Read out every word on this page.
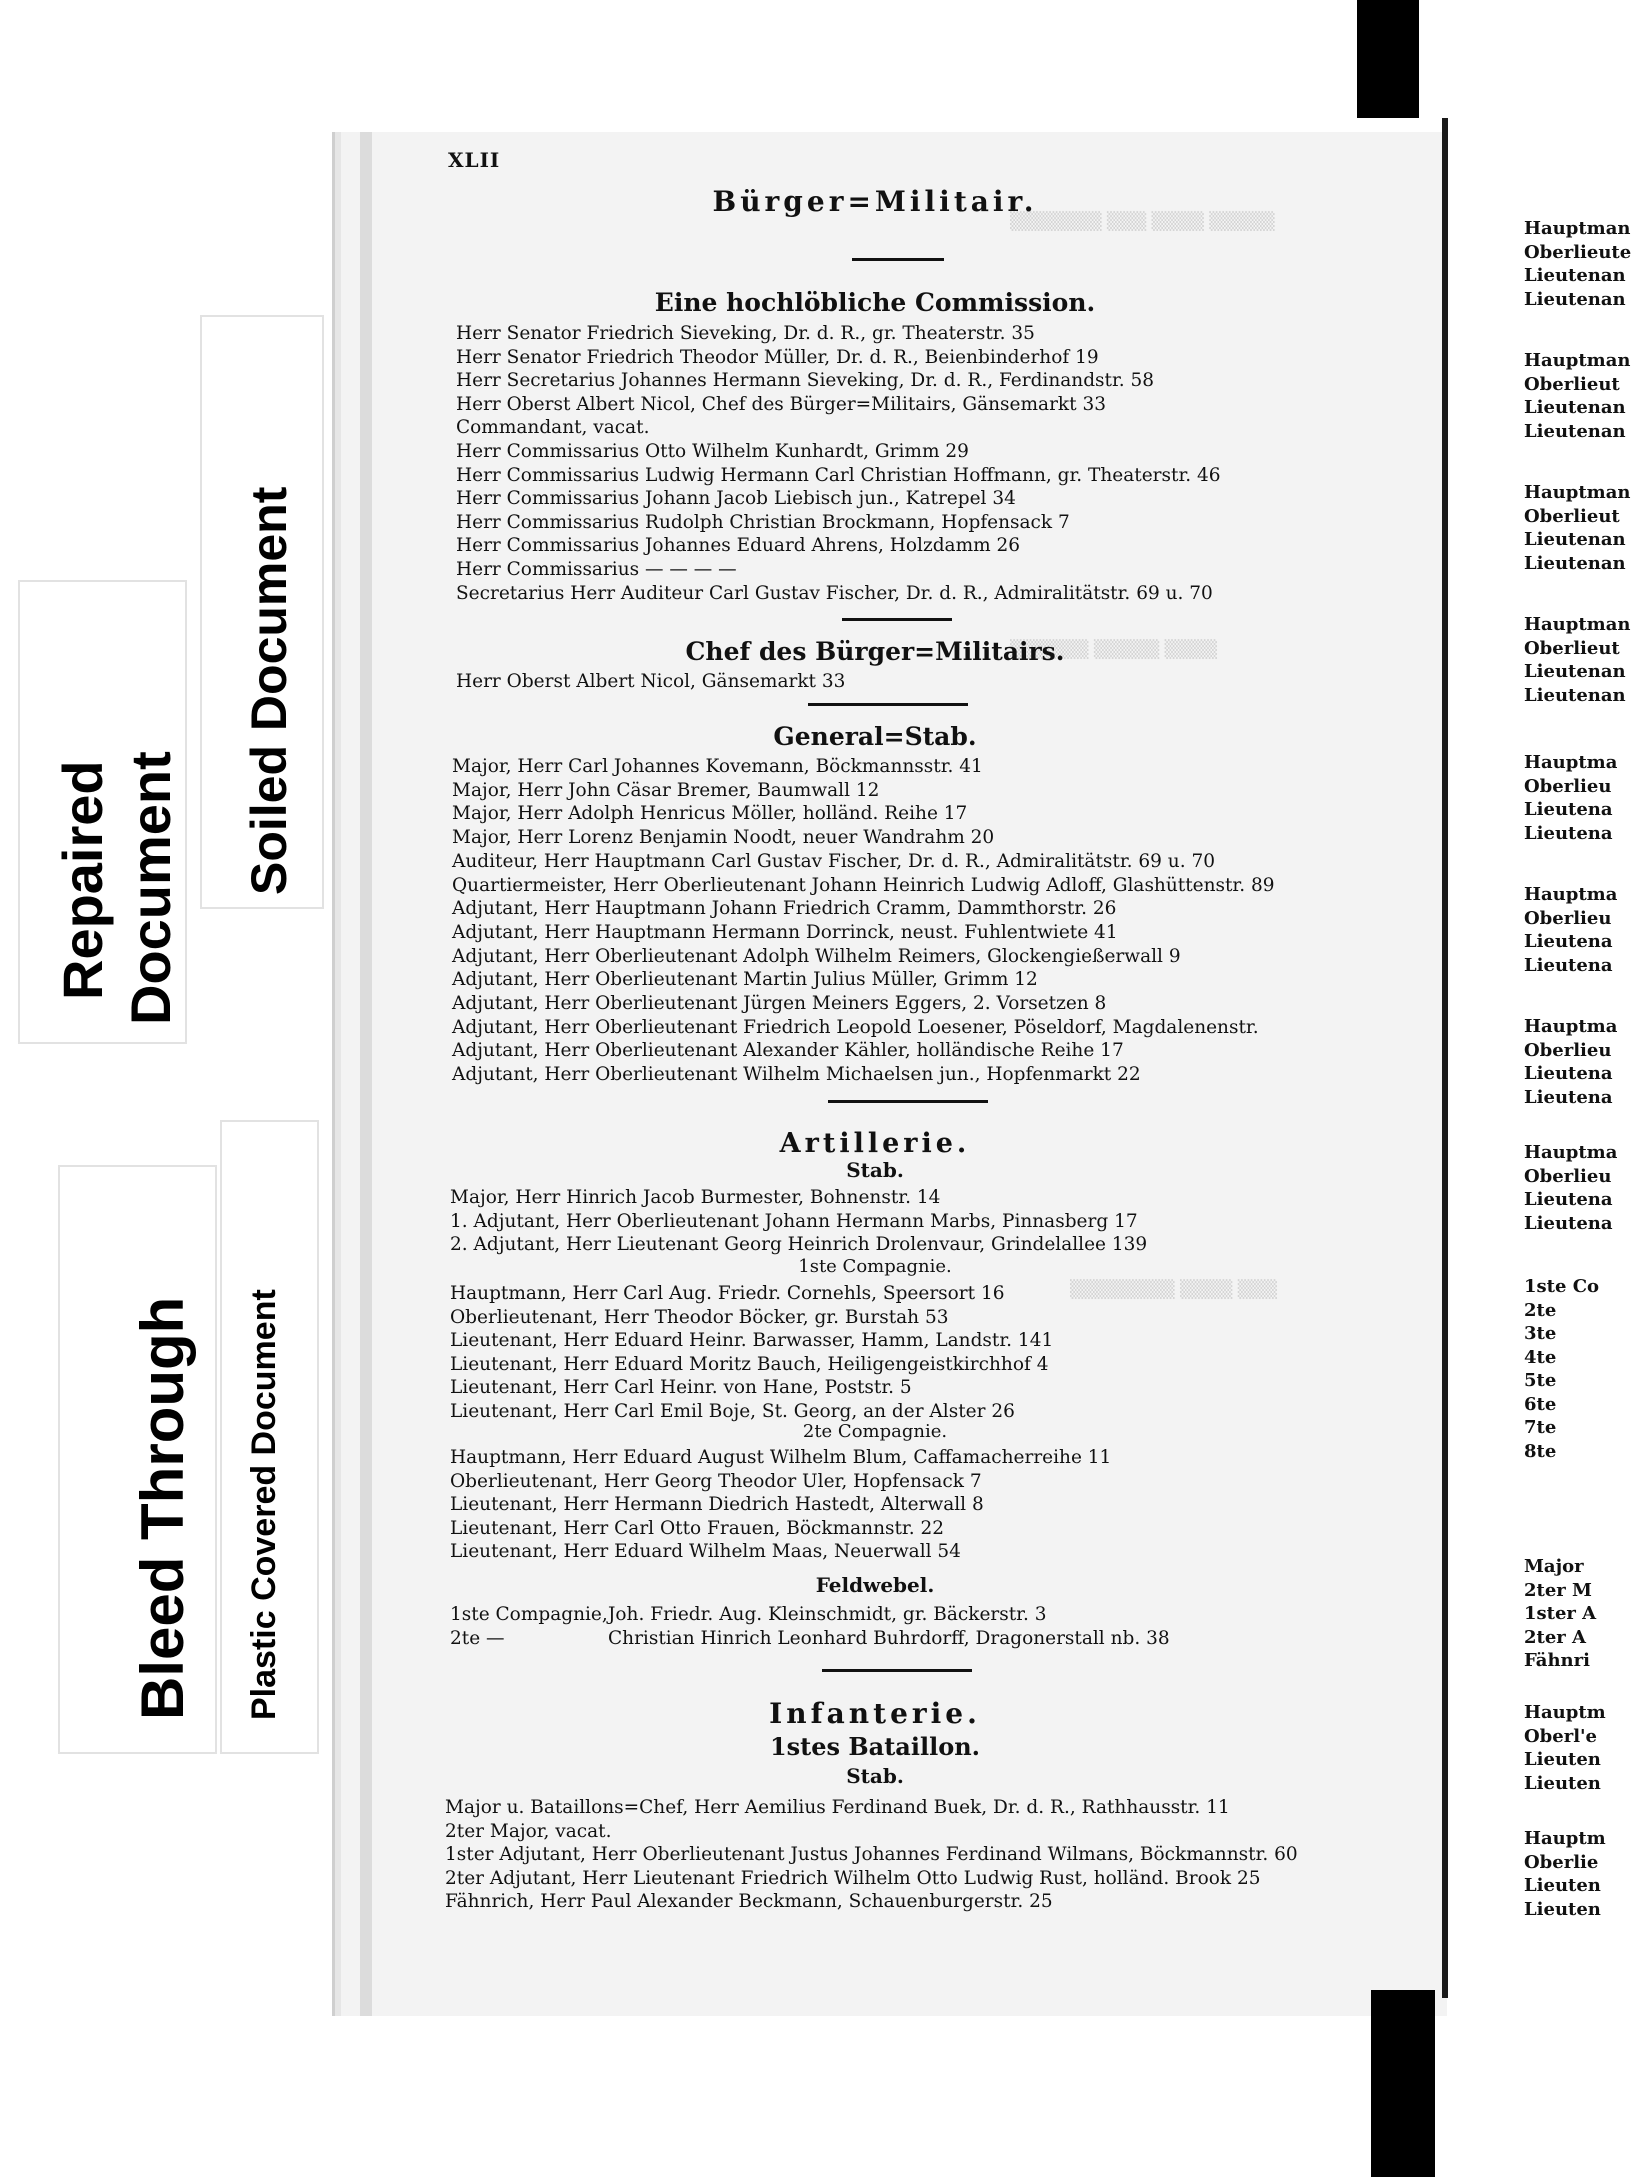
Repaired Document Soiled Document
Bleed Through Plastic Covered Document
▒▒▒▒▒▒▒ ▒▒▒ ▒▒▒▒ ▒▒▒▒▒
▒▒▒▒▒▒ ▒▒▒▒▒ ▒▒▒▒
▒▒▒▒▒▒▒▒ ▒▒▒▒ ▒▒▒
XLII
Bürger=Militair.
Eine hochlöbliche Commission.
Herr Senator Friedrich Sieveking, Dr. d. R., gr. Theaterstr. 35
Herr Senator Friedrich Theodor Müller, Dr. d. R., Beienbinderhof 19
Herr Secretarius Johannes Hermann Sieveking, Dr. d. R., Ferdinandstr. 58
Herr Oberst Albert Nicol, Chef des Bürger=Militairs, Gänsemarkt 33
Commandant, vacat.
Herr Commissarius Otto Wilhelm Kunhardt, Grimm 29
Herr Commissarius Ludwig Hermann Carl Christian Hoffmann, gr. Theaterstr. 46
Herr Commissarius Johann Jacob Liebisch jun., Katrepel 34
Herr Commissarius Rudolph Christian Brockmann, Hopfensack 7
Herr Commissarius Johannes Eduard Ahrens, Holzdamm 26
Herr Commissarius — — — —
Secretarius Herr Auditeur Carl Gustav Fischer, Dr. d. R., Admiralitätstr. 69 u. 70
Chef des Bürger=Militairs.
Herr Oberst Albert Nicol, Gänsemarkt 33
General=Stab.
Major, Herr Carl Johannes Kovemann, Böckmannsstr. 41
Major, Herr John Cäsar Bremer, Baumwall 12
Major, Herr Adolph Henricus Möller, holländ. Reihe 17
Major, Herr Lorenz Benjamin Noodt, neuer Wandrahm 20
Auditeur, Herr Hauptmann Carl Gustav Fischer, Dr. d. R., Admiralitätstr. 69 u. 70
Quartiermeister, Herr Oberlieutenant Johann Heinrich Ludwig Adloff, Glashüttenstr. 89
Adjutant, Herr Hauptmann Johann Friedrich Cramm, Dammthorstr. 26
Adjutant, Herr Hauptmann Hermann Dorrinck, neust. Fuhlentwiete 41
Adjutant, Herr Oberlieutenant Adolph Wilhelm Reimers, Glockengießerwall 9
Adjutant, Herr Oberlieutenant Martin Julius Müller, Grimm 12
Adjutant, Herr Oberlieutenant Jürgen Meiners Eggers, 2. Vorsetzen 8
Adjutant, Herr Oberlieutenant Friedrich Leopold Loesener, Pöseldorf, Magdalenenstr.
Adjutant, Herr Oberlieutenant Alexander Kähler, holländische Reihe 17
Adjutant, Herr Oberlieutenant Wilhelm Michaelsen jun., Hopfenmarkt 22
Artillerie.
Stab.
Major, Herr Hinrich Jacob Burmester, Bohnenstr. 14
1. Adjutant, Herr Oberlieutenant Johann Hermann Marbs, Pinnasberg 17
2. Adjutant, Herr Lieutenant Georg Heinrich Drolenvaur, Grindelallee 139
1ste Compagnie.
Hauptmann, Herr Carl Aug. Friedr. Cornehls, Speersort 16
Oberlieutenant, Herr Theodor Böcker, gr. Burstah 53
Lieutenant, Herr Eduard Heinr. Barwasser, Hamm, Landstr. 141
Lieutenant, Herr Eduard Moritz Bauch, Heiligengeistkirchhof 4
Lieutenant, Herr Carl Heinr. von Hane, Poststr. 5
Lieutenant, Herr Carl Emil Boje, St. Georg, an der Alster 26
2te Compagnie.
Hauptmann, Herr Eduard August Wilhelm Blum, Caffamacherreihe 11
Oberlieutenant, Herr Georg Theodor Uler, Hopfensack 7
Lieutenant, Herr Hermann Diedrich Hastedt, Alterwall 8
Lieutenant, Herr Carl Otto Frauen, Böckmannstr. 22
Lieutenant, Herr Eduard Wilhelm Maas, Neuerwall 54
Feldwebel.
1ste Compagnie, Joh. Friedr. Aug. Kleinschmidt, gr. Bäckerstr. 3
2te —	Christian Hinrich Leonhard Buhrdorff, Dragonerstall nb. 38
Infanterie.
1stes Bataillon.
Stab.
Major u. Bataillons=Chef, Herr Aemilius Ferdinand Buek, Dr. d. R., Rathhausstr. 11
2ter Major, vacat.
1ster Adjutant, Herr Oberlieutenant Justus Johannes Ferdinand Wilmans, Böckmannstr. 60
2ter Adjutant, Herr Lieutenant Friedrich Wilhelm Otto Ludwig Rust, holländ. Brook 25
Fähnrich, Herr Paul Alexander Beckmann, Schauenburgerstr. 25
Hauptman
Oberlieute
Lieutenan
Lieutenan
Hauptman
Oberlieut
Lieutenan
Lieutenan
Hauptman
Oberlieut
Lieutenan
Lieutenan
Hauptman
Oberlieut
Lieutenan
Lieutenan
Hauptma
Oberlieu
Lieutena
Lieutena
Hauptma
Oberlieu
Lieutena
Lieutena
Hauptma
Oberlieu
Lieutena
Lieutena
Hauptma
Oberlieu
Lieutena
Lieutena
1ste Co
2te
3te
4te
5te
6te
7te
8te
Major
2ter M
1ster A
2ter A
Fähnri
Hauptm
Oberl'e
Lieuten
Lieuten
Hauptm
Oberlie
Lieuten
Lieuten
